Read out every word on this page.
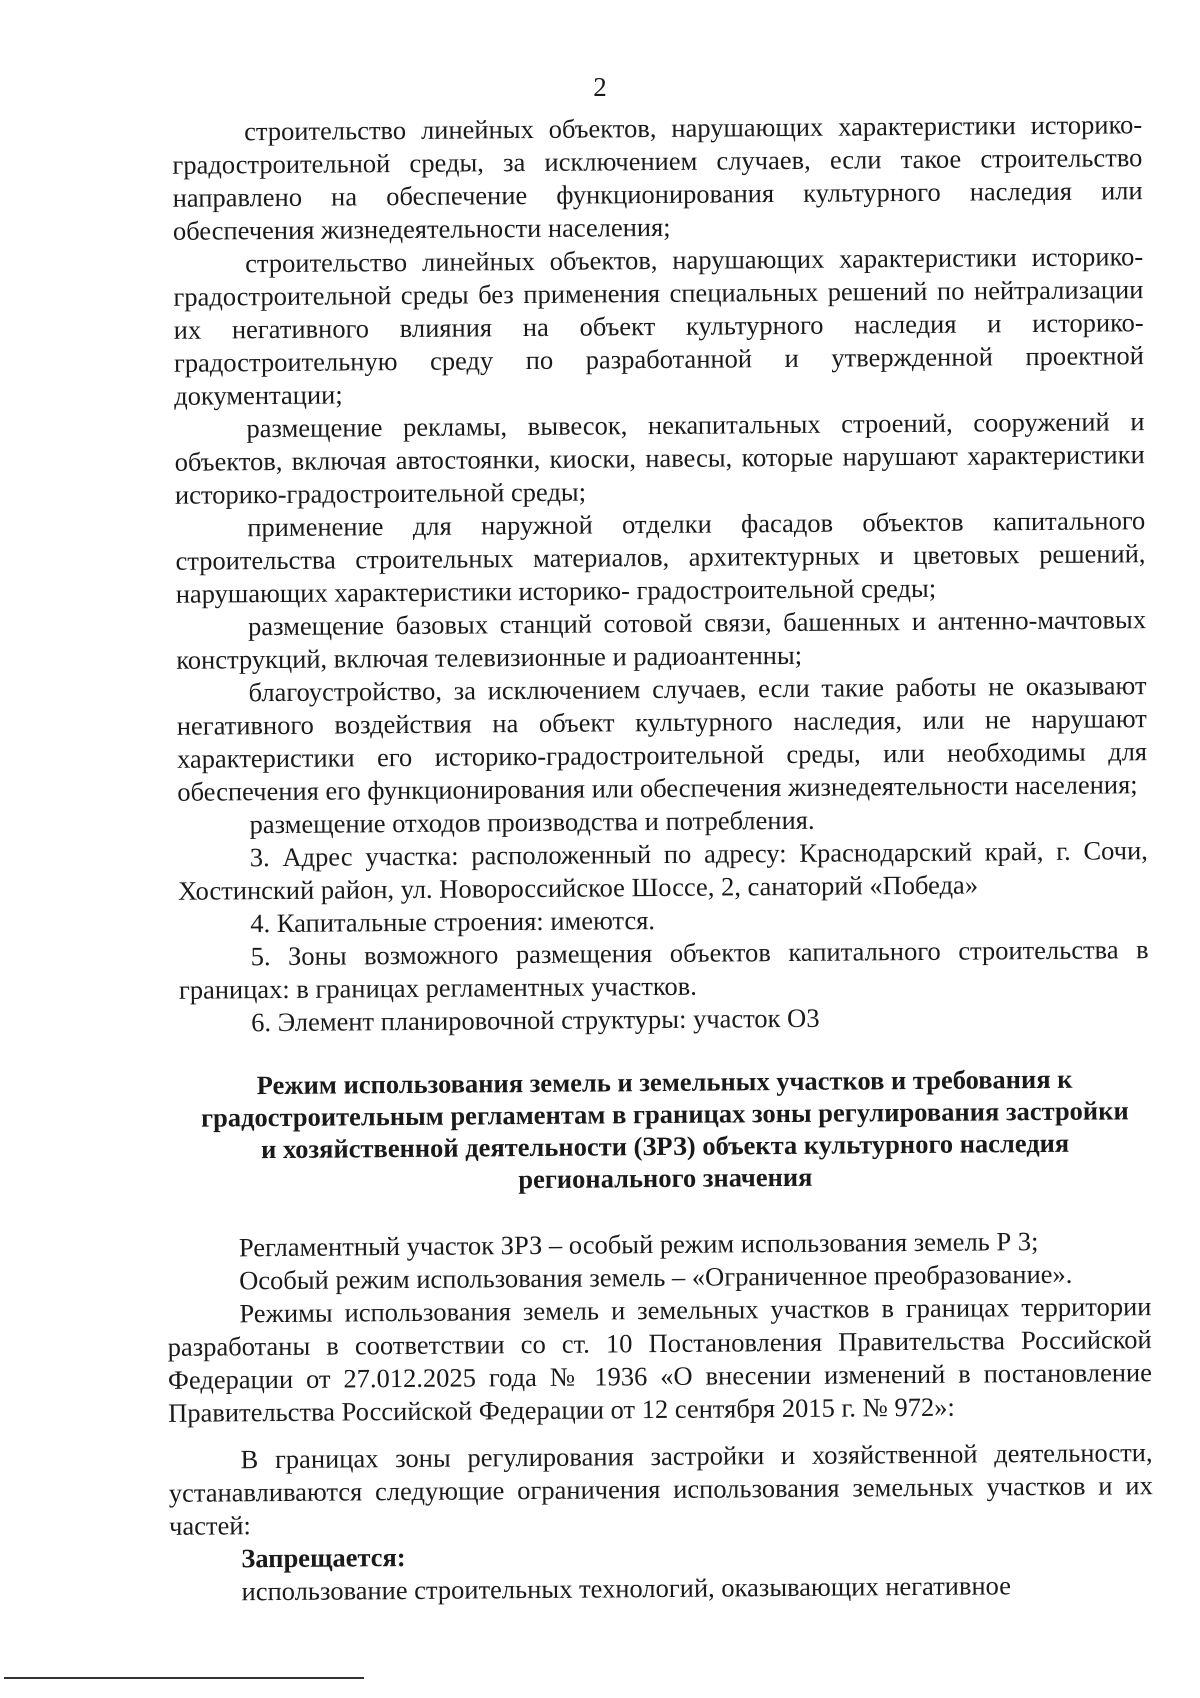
2

строительство линейных объектов, нарушающих характеристики историко-градостроительной среды, за исключением случаев, если такое строительство направлено на обеспечение функционирования культурного наследия или обеспечения жизнедеятельности населения;

строительство линейных объектов, нарушающих характеристики историко-градостроительной среды без применения специальных решений по нейтрализации их негативного влияния на объект культурного наследия и историко-градостроительную среду по разработанной и утвержденной проектной документации;

размещение рекламы, вывесок, некапитальных строений, сооружений и объектов, включая автостоянки, киоски, навесы, которые нарушают характеристики историко-градостроительной среды;

применение для наружной отделки фасадов объектов капитального строительства строительных материалов, архитектурных и цветовых решений, нарушающих характеристики историко- градостроительной среды;

размещение базовых станций сотовой связи, башенных и антенно-мачтовых конструкций, включая телевизионные и радиоантенны;

благоустройство, за исключением случаев, если такие работы не оказывают негативного воздействия на объект культурного наследия, или не нарушают характеристики его историко-градостроительной среды, или необходимы для обеспечения его функционирования или обеспечения жизнедеятельности населения;

размещение отходов производства и потребления.

3. Адрес участка: расположенный по адресу: Краснодарский край, г. Сочи, Хостинский район, ул. Новороссийское Шоссе, 2, санаторий «Победа»

4. Капитальные строения: имеются.

5. Зоны возможного размещения объектов капитального строительства в границах: в границах регламентных участков.

6. Элемент планировочной структуры: участок О3

Режим использования земель и земельных участков и требования к градостроительным регламентам в границах зоны регулирования застройки и хозяйственной деятельности (ЗРЗ) объекта культурного наследия регионального значения

Регламентный участок ЗРЗ – особый режим использования земель Р 3;

Особый режим использования земель – «Ограниченное преобразование».

Режимы использования земель и земельных участков в границах территории разработаны в соответствии со ст. 10 Постановления Правительства Российской Федерации от 27.012.2025 года № 1936 «О внесении изменений в постановление Правительства Российской Федерации от 12 сентября 2015 г. № 972»:

В границах зоны регулирования застройки и хозяйственной деятельности, устанавливаются следующие ограничения использования земельных участков и их частей:

Запрещается:

использование строительных технологий, оказывающих негативное
